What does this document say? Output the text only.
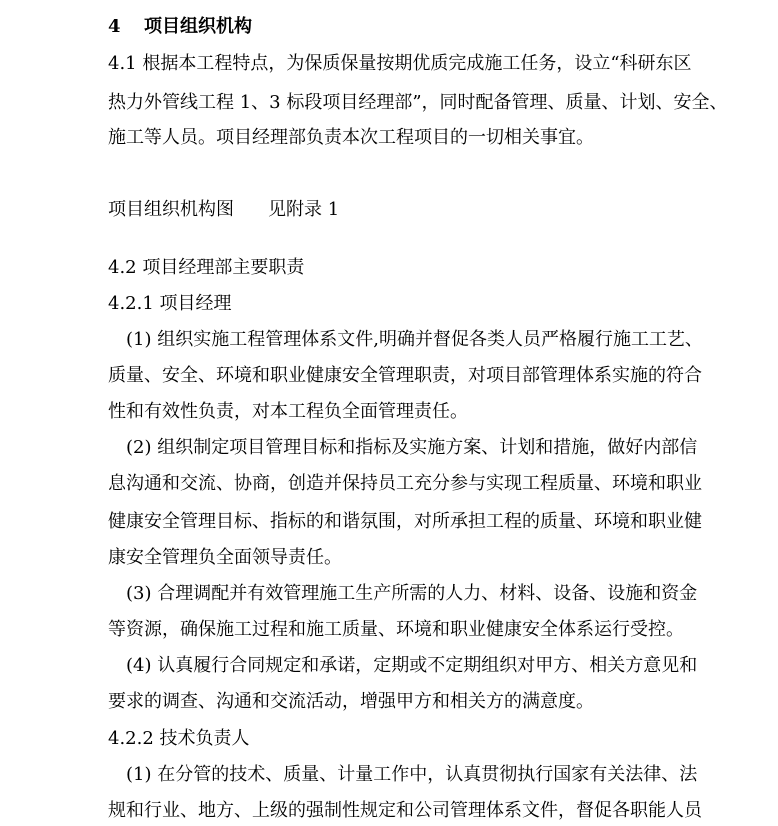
4 项目组织机构
4.1 根据本工程特点，为保质保量按期优质完成施工任务，设立“科研东区
热力外管线工程 1、3 标段项目经理部”，同时配备管理、质量、计划、安全、
施工等人员。项目经理部负责本次工程项目的一切相关事宜。
项目组织机构图 见附录 1
4.2 项目经理部主要职责
4.2.1 项目经理
(1) 组织实施工程管理体系文件,明确并督促各类人员严格履行施工工艺、
质量、安全、环境和职业健康安全管理职责，对项目部管理体系实施的符合
性和有效性负责，对本工程负全面管理责任。
(2) 组织制定项目管理目标和指标及实施方案、计划和措施，做好内部信
息沟通和交流、协商，创造并保持员工充分参与实现工程质量、环境和职业
健康安全管理目标、指标的和谐氛围，对所承担工程的质量、环境和职业健
康安全管理负全面领导责任。
(3) 合理调配并有效管理施工生产所需的人力、材料、设备、设施和资金
等资源，确保施工过程和施工质量、环境和职业健康安全体系运行受控。
(4) 认真履行合同规定和承诺，定期或不定期组织对甲方、相关方意见和
要求的调查、沟通和交流活动，增强甲方和相关方的满意度。
4.2.2 技术负责人
(1) 在分管的技术、质量、计量工作中，认真贯彻执行国家有关法律、法
规和行业、地方、上级的强制性规定和公司管理体系文件，督促各职能人员
